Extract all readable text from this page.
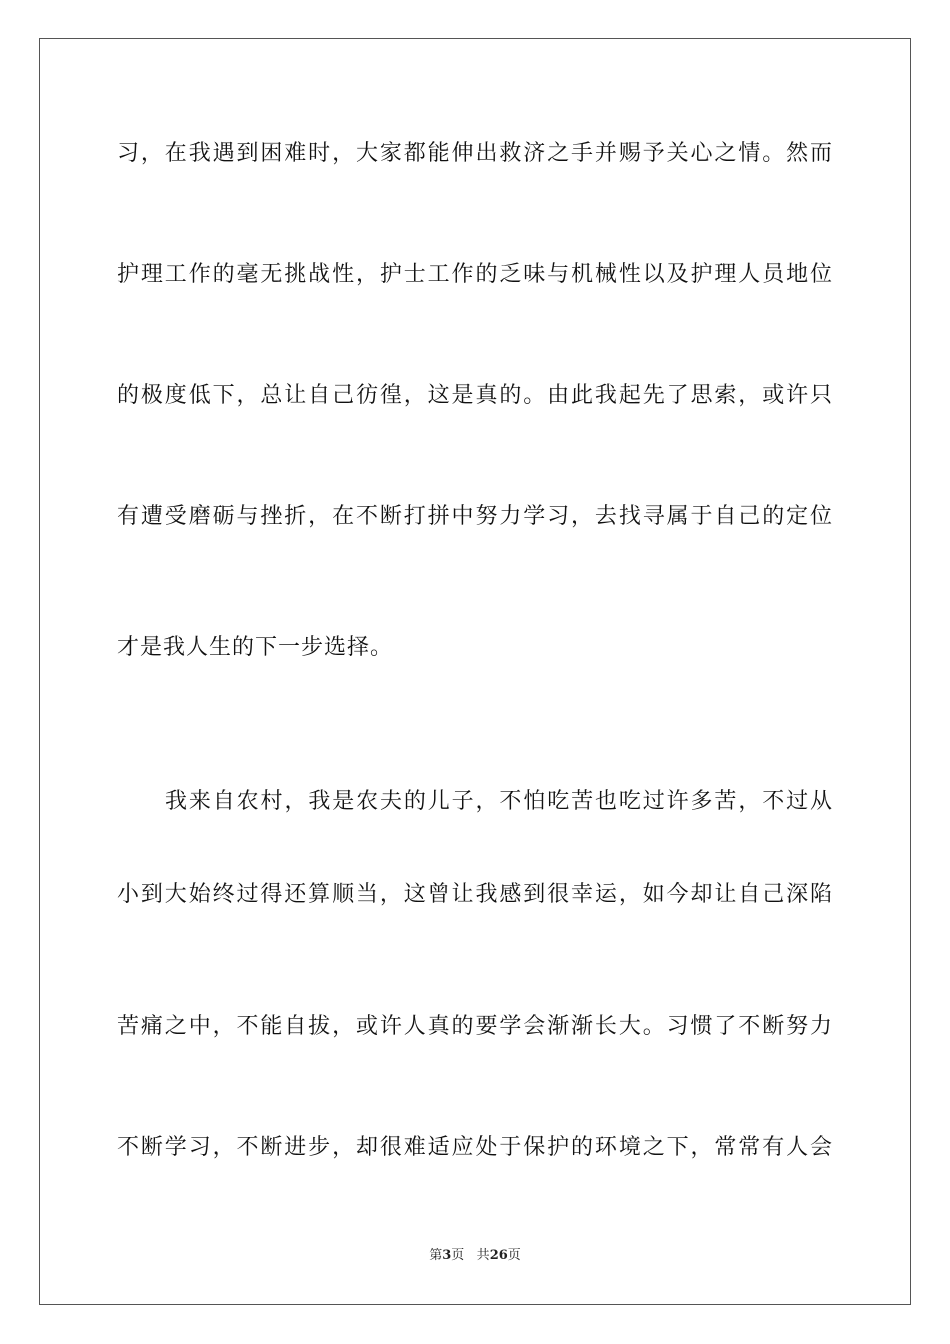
习，在我遇到困难时，大家都能伸出救济之手并赐予关心之情。然而
护理工作的毫无挑战性，护士工作的乏味与机械性以及护理人员地位
的极度低下，总让自己彷徨，这是真的。由此我起先了思索，或许只
有遭受磨砺与挫折，在不断打拼中努力学习，去找寻属于自己的定位
才是我人生的下一步选择。
我来自农村，我是农夫的儿子，不怕吃苦也吃过许多苦，不过从
小到大始终过得还算顺当，这曾让我感到很幸运，如今却让自己深陷
苦痛之中，不能自拔，或许人真的要学会渐渐长大。习惯了不断努力
不断学习，不断进步，却很难适应处于保护的环境之下，常常有人会
第3页 共26页
